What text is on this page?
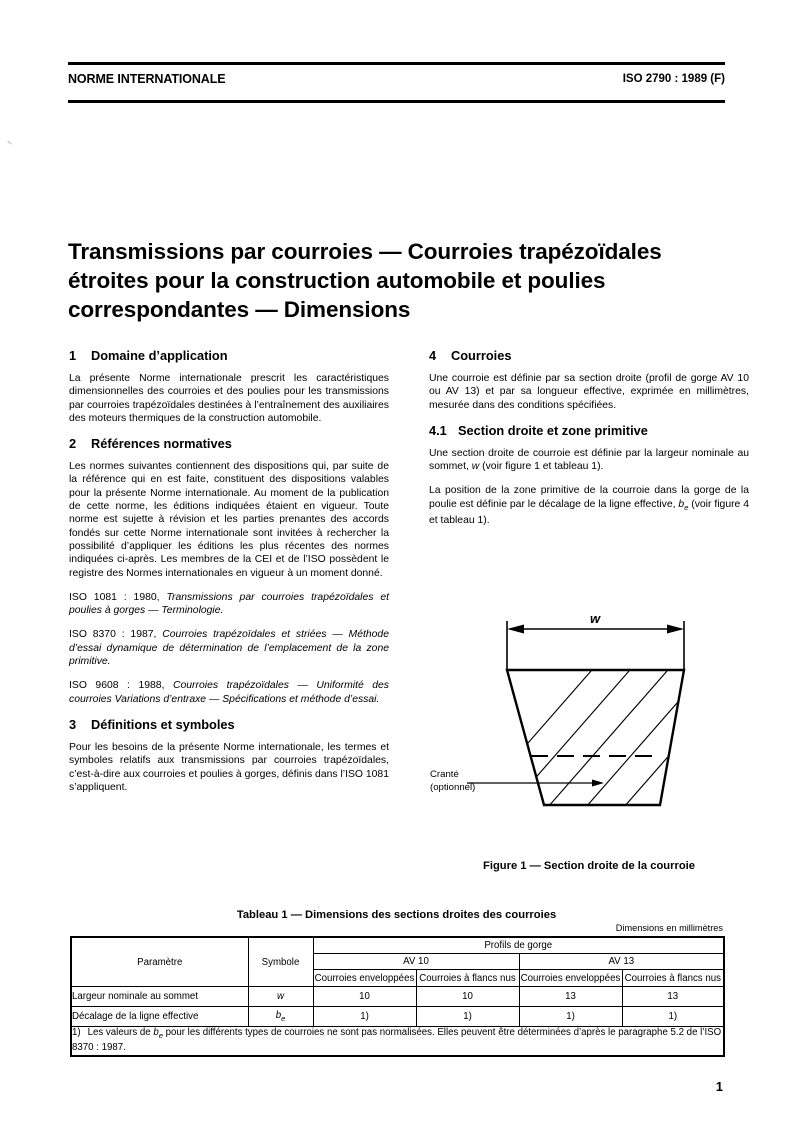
NORME INTERNATIONALE	ISO 2790 : 1989 (F)
Transmissions par courroies — Courroies trapézoïdales étroites pour la construction automobile et poulies correspondantes — Dimensions
1 Domaine d’application

La présente Norme internationale prescrit les caractéristiques dimensionnelles des courroies et des poulies pour les transmissions par courroies trapézoïdales destinées à l’entraînement des auxiliaires des moteurs thermiques de la construction automobile.

2 Références normatives

Les normes suivantes contiennent des dispositions qui, par suite de la référence qui en est faite, constituent des dispositions valables pour la présente Norme internationale. Au moment de la publication de cette norme, les éditions indiquées étaient en vigueur. Toute norme est sujette à révision et les parties prenantes des accords fondés sur cette Norme internationale sont invitées à rechercher la possibilité d’appliquer les éditions les plus récentes des normes indiquées ci-après. Les membres de la CEI et de l’ISO possèdent le registre des Normes internationales en vigueur à un moment donné.

ISO 1081 : 1980, Transmissions par courroies trapézoïdales et poulies à gorges — Terminologie.

ISO 8370 : 1987, Courroies trapézoïdales et striées — Méthode d’essai dynamique de détermination de l’emplacement de la zone primitive.

ISO 9608 : 1988, Courroies trapézoïdales — Uniformité des courroies Variations d’entraxe — Spécifications et méthode d’essai.

3 Définitions et symboles

Pour les besoins de la présente Norme internationale, les termes et symboles relatifs aux transmissions par courroies trapézoïdales, c’est-à-dire aux courroies et poulies à gorges, définis dans l’ISO 1081 s’appliquent.

4 Courroies

Une courroie est définie par sa section droite (profil de gorge AV 10 ou AV 13) et par sa longueur effective, exprimée en millimètres, mesurée dans des conditions spécifiées.

4.1 Section droite et zone primitive

Une section droite de courroie est définie par la largeur nominale au sommet, w (voir figure 1 et tableau 1).

La position de la zone primitive de la courroie dans la gorge de la poulie est définie par le décalage de la ligne effective, $b_e$ (voir figure 4 et tableau 1).

w
Figure 1 — Section droite de la courroie
Cranté
(optionnel)
Tableau 1 — Dimensions des sections droites des courroies
Dimensions en millimètres
Paramètre	Symbole	Profils de gorge			
		AV 10		AV 13	
		Courroies enveloppées	Courroies à flancs nus	Courroies enveloppées	Courroies à flancs nus
Largeur nominale au sommet	w	10	10	13	13
Décalage de la ligne effective	$b_e$	1)	1)	1)	1)
1) Les valeurs de $b_e$ pour les différents types de courroies ne sont pas normalisées. Elles peuvent être déterminées d’après le paragraphe 5.2 de l’ISO 8370 : 1987.					
1
